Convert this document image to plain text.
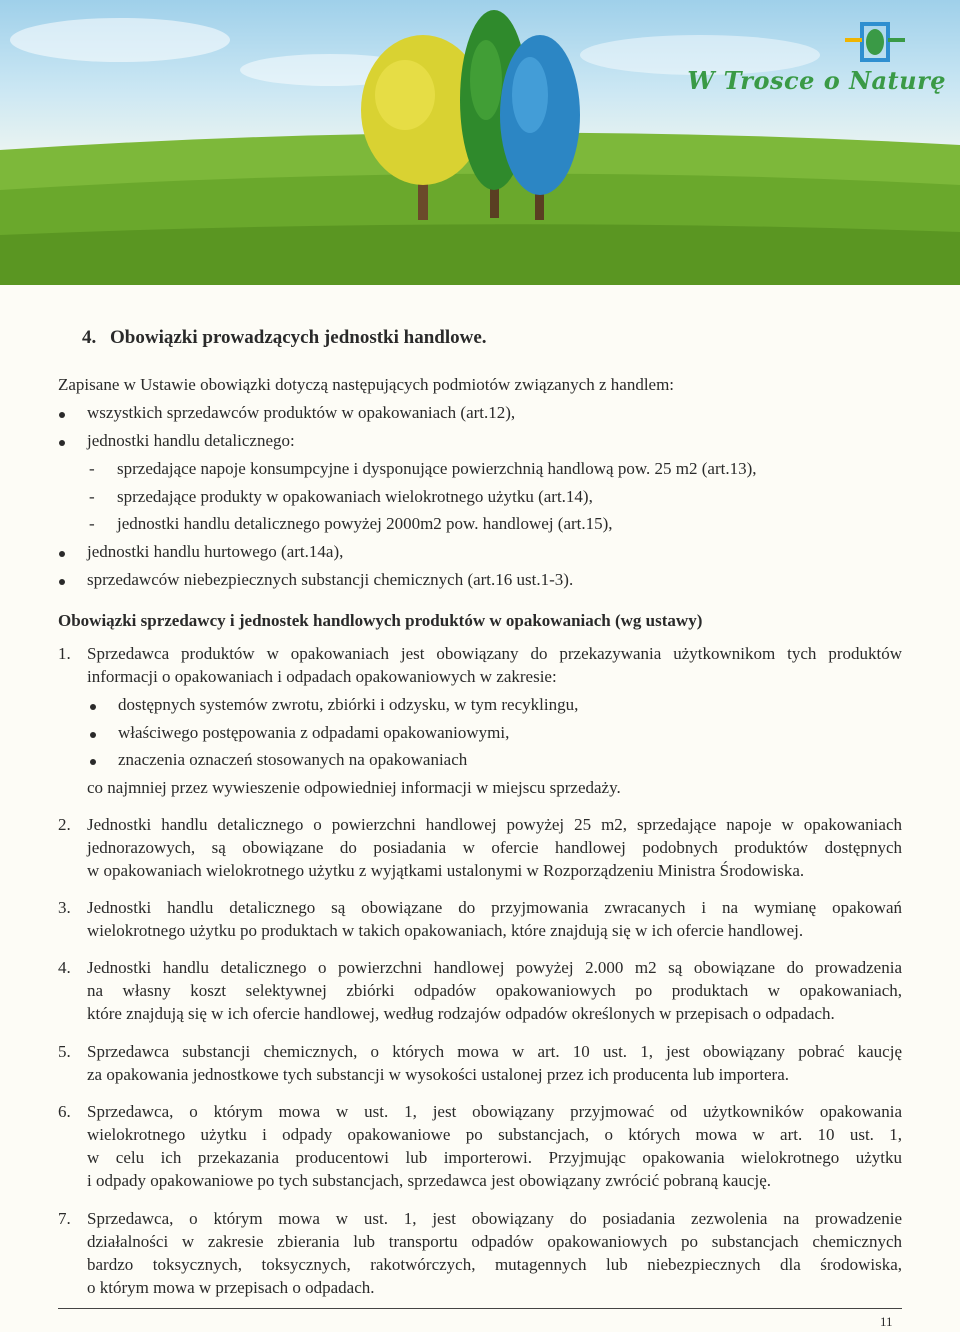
W Trosce o Naturę
4. Obowiązki prowadzących jednostki handlowe.
Zapisane w Ustawie obowiązki dotyczą następujących podmiotów związanych z handlem:
wszystkich sprzedawców produktów w opakowaniach (art.12),
jednostki handlu detalicznego:
- sprzedające napoje konsumpcyjne i dysponujące powierzchnią handlową pow. 25 m2 (art.13),
- sprzedające produkty w opakowaniach wielokrotnego użytku (art.14),
- jednostki handlu detalicznego powyżej 2000m2 pow. handlowej (art.15),
jednostki handlu hurtowego (art.14a),
sprzedawców niebezpiecznych substancji chemicznych (art.16 ust.1-3).
Obowiązki sprzedawcy i jednostek handlowych produktów w opakowaniach (wg ustawy)
1. Sprzedawca produktów w opakowaniach jest obowiązany do przekazywania użytkownikom tych produktów
informacji o opakowaniach i odpadach opakowaniowych w zakresie:
dostępnych systemów zwrotu, zbiórki i odzysku, w tym recyklingu,
właściwego postępowania z odpadami opakowaniowymi,
znaczenia oznaczeń stosowanych na opakowaniach
co najmniej przez wywieszenie odpowiedniej informacji w miejscu sprzedaży.
2. Jednostki handlu detalicznego o powierzchni handlowej powyżej 25 m2, sprzedające napoje w opakowaniach
jednorazowych, są obowiązane do posiadania w ofercie handlowej podobnych produktów dostępnych
w opakowaniach wielokrotnego użytku z wyjątkami ustalonymi w Rozporządzeniu Ministra Środowiska.
3. Jednostki handlu detalicznego są obowiązane do przyjmowania zwracanych i na wymianę opakowań
wielokrotnego użytku po produktach w takich opakowaniach, które znajdują się w ich ofercie handlowej.
4. Jednostki handlu detalicznego o powierzchni handlowej powyżej 2.000 m2 są obowiązane do prowadzenia
na własny koszt selektywnej zbiórki odpadów opakowaniowych po produktach w opakowaniach,
które znajdują się w ich ofercie handlowej, według rodzajów odpadów określonych w przepisach o odpadach.
5. Sprzedawca substancji chemicznych, o których mowa w art. 10 ust. 1, jest obowiązany pobrać kaucję
za opakowania jednostkowe tych substancji w wysokości ustalonej przez ich producenta lub importera.
6. Sprzedawca, o którym mowa w ust. 1, jest obowiązany przyjmować od użytkowników opakowania
wielokrotnego użytku i odpady opakowaniowe po substancjach, o których mowa w art. 10 ust. 1,
w celu ich przekazania producentowi lub importerowi. Przyjmując opakowania wielokrotnego użytku
i odpady opakowaniowe po tych substancjach, sprzedawca jest obowiązany zwrócić pobraną kaucję.
7. Sprzedawca, o którym mowa w ust. 1, jest obowiązany do posiadania zezwolenia na prowadzenie
działalności w zakresie zbierania lub transportu odpadów opakowaniowych po substancjach chemicznych
bardzo toksycznych, toksycznych, rakotwórczych, mutagennych lub niebezpiecznych dla środowiska,
o którym mowa w przepisach o odpadach.
11
